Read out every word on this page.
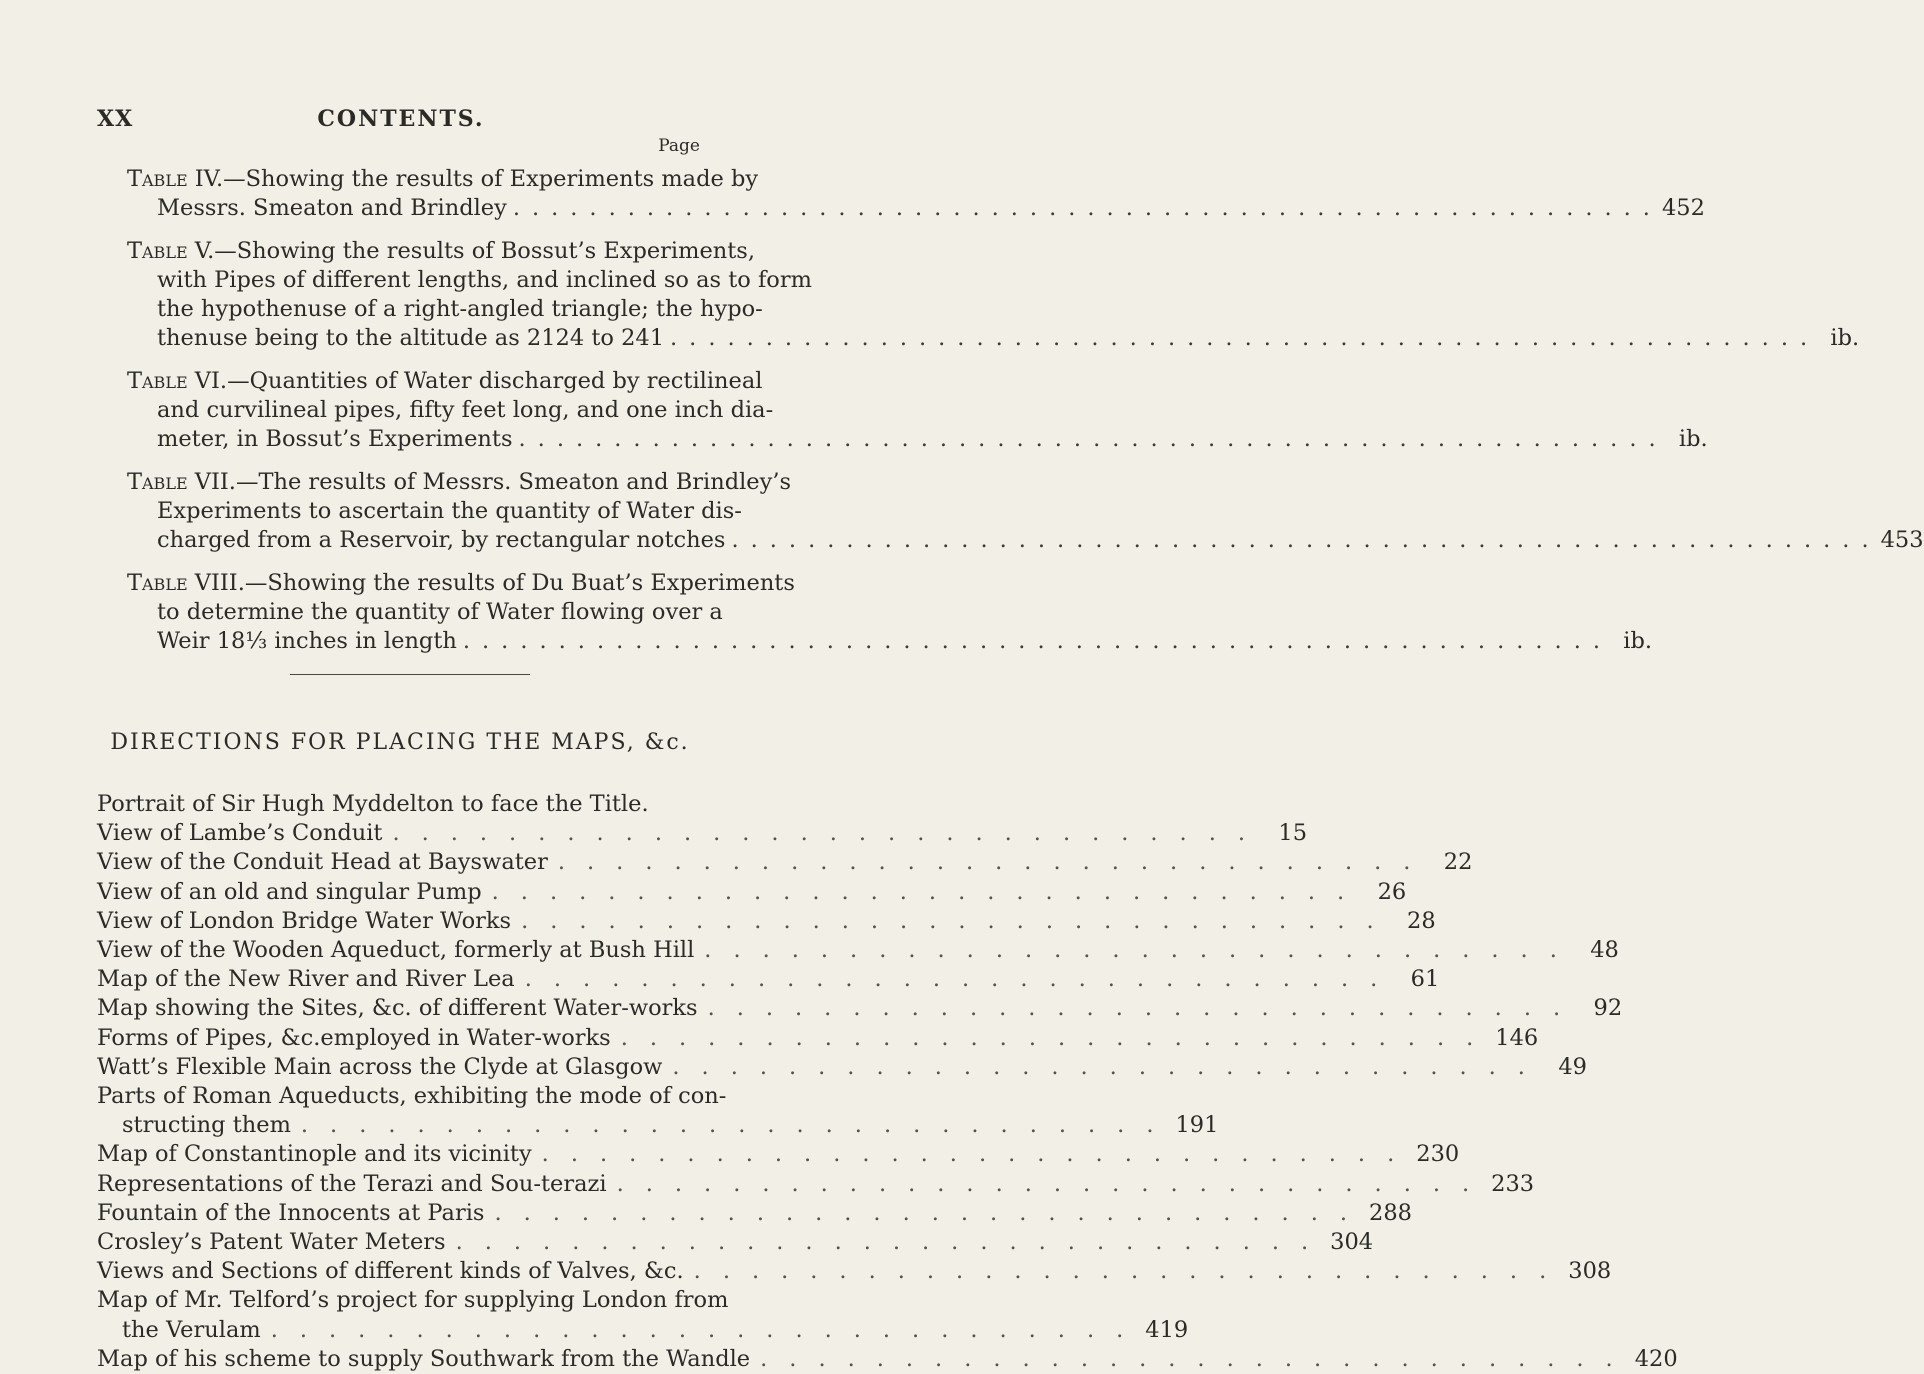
XX	CONTENTS.
Page
Table IV.—Showing the results of Experiments made by
Messrs. Smeaton and Brindley ............................................................ 452
Table V.—Showing the results of Bossut’s Experiments,
with Pipes of different lengths, and inclined so as to form
the hypothenuse of a right-angled triangle; the hypo-
thenuse being to the altitude as 2124 to 241 ............................................................ ib.
Table VI.—Quantities of Water discharged by rectilineal
and curvilineal pipes, fifty feet long, and one inch dia-
meter, in Bossut’s Experiments ............................................................ ib.
Table VII.—The results of Messrs. Smeaton and Brindley’s
Experiments to ascertain the quantity of Water dis-
charged from a Reservoir, by rectangular notches ............................................................ 453
Table VIII.—Showing the results of Du Buat’s Experiments
to determine the quantity of Water flowing over a
Weir 18⅓ inches in length ............................................................ ib.
DIRECTIONS FOR PLACING THE MAPS, &c.
Portrait of Sir Hugh Myddelton to face the Title.
View of Lambe’s Conduit .............................. 15
View of the Conduit Head at Bayswater .............................. 22
View of an old and singular Pump .............................. 26
View of London Bridge Water Works .............................. 28
View of the Wooden Aqueduct, formerly at Bush Hill .............................. 48
Map of the New River and River Lea .............................. 61
Map showing the Sites, &c. of different Water-works .............................. 92
Forms of Pipes, &c.employed in Water-works .............................. 146
Watt’s Flexible Main across the Clyde at Glasgow .............................. 49
Parts of Roman Aqueducts, exhibiting the mode of con-
structing them .............................. 191
Map of Constantinople and its vicinity .............................. 230
Representations of the Terazi and Sou-terazi .............................. 233
Fountain of the Innocents at Paris .............................. 288
Crosley’s Patent Water Meters .............................. 304
Views and Sections of different kinds of Valves, &c. .............................. 308
Map of Mr. Telford’s project for supplying London from
the Verulam .............................. 419
Map of his scheme to supply Southwark from the Wandle .............................. 420
